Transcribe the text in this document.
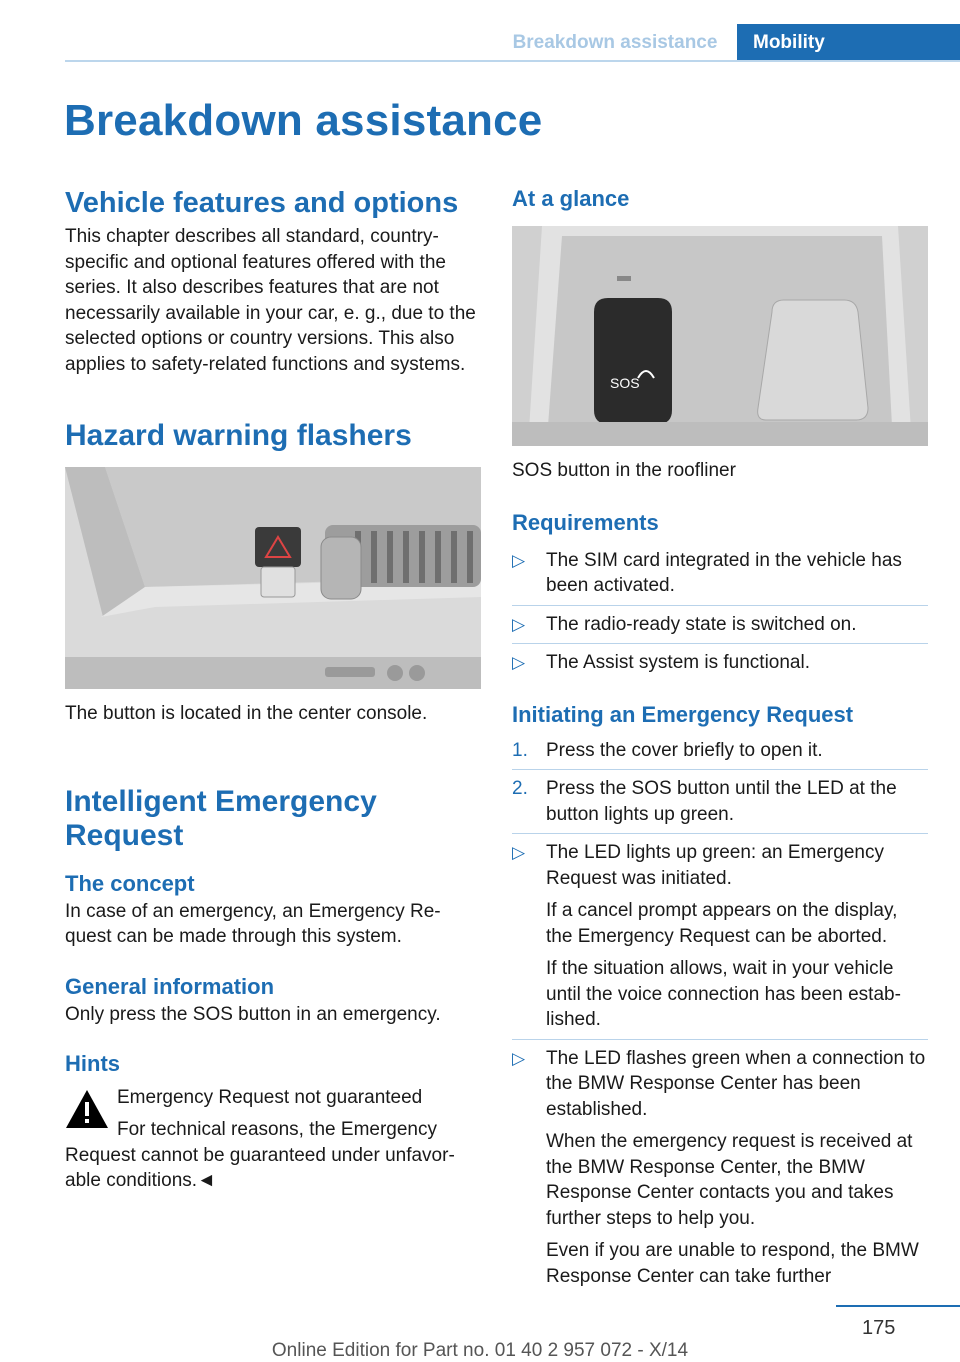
Breakdown assistance	Mobility
Breakdown assistance
Vehicle features and options

This chapter describes all standard, country-specific and optional features offered with the series. It also describes features that are not necessarily available in your car, e. g., due to the selected options or country versions. This also applies to safety-related functions and systems.

Hazard warning flashers

The button is located in the center console.

Intelligent Emergency Request
The concept

In case of an emergency, an Emergency Re-quest can be made through this system.

General information

Only press the SOS button in an emergency.

Hints

Emergency Request not guaranteed

For technical reasons, the Emergency Request cannot be guaranteed under unfavor-able conditions.◄

At a glance
SOS

SOS button in the roofliner

Requirements
▷ The SIM card integrated in the vehicle has been activated.

▷ The radio-ready state is switched on.

▷ The Assist system is functional.

Initiating an Emergency Request
1. Press the cover briefly to open it.

2. Press the SOS button until the LED at the button lights up green.

▷ The LED lights up green: an Emergency Request was initiated.

If a cancel prompt appears on the display, the Emergency Request can be aborted.

If the situation allows, wait in your vehicle until the voice connection has been estab-lished.

▷ The LED flashes green when a connection to the BMW Response Center has been established.

When the emergency request is received at the BMW Response Center, the BMW Response Center contacts you and takes further steps to help you.

Even if you are unable to respond, the BMW Response Center can take further

175
Online Edition for Part no. 01 40 2 957 072 - X/14
